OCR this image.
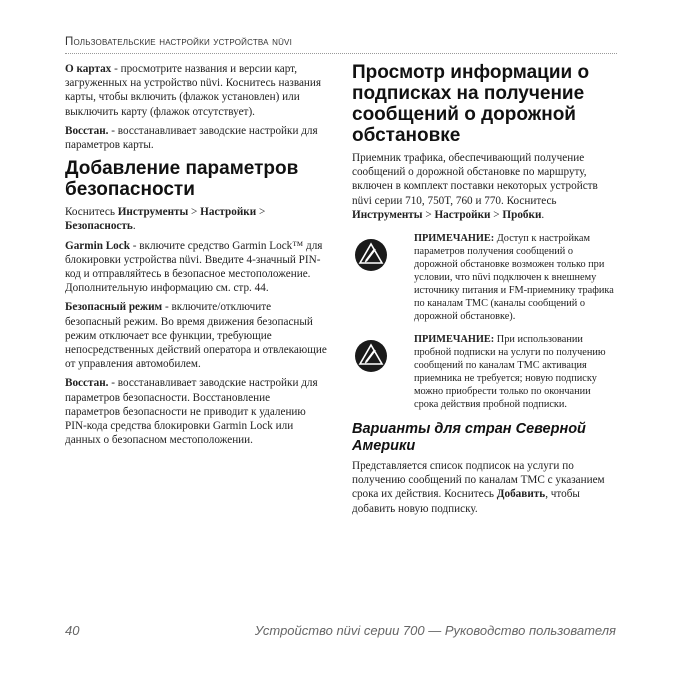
Пользовательские настройки устройства nüvi

О картах - просмотрите названия и версии карт, загруженных на устройство nüvi. Коснитесь названия карты, чтобы включить (флажок установлен) или выключить карту (флажок отсутствует).

Восстан. - восстанавливает заводские настройки для параметров карты.

Добавление параметров безопасности

Коснитесь Инструменты > Настройки > Безопасность.

Garmin Lock - включите средство Garmin Lock™ для блокировки устройства nüvi. Введите 4-значный PIN-код и отправляйтесь в безопасное местоположение. Дополнительную информацию см. стр. 44.

Безопасный режим - включите/отключите безопасный режим. Во время движения безопасный режим отключает все функции, требующие непосредственных действий оператора и отвлекающие от управления автомобилем.

Восстан. - восстанавливает заводские настройки для параметров безопасности. Восстановление параметров безопасности не приводит к удалению PIN-кода средства блокировки Garmin Lock или данных о безопасном местоположении.

Просмотр информации о подписках на получение сообщений о дорожной обстановке

Приемник трафика, обеспечивающий получение сообщений о дорожной обстановке по маршруту, включен в комплект поставки некоторых устройств nüvi серии 710, 750T, 760 и 770. Коснитесь Инструменты > Настройки > Пробки.

ПРИМЕЧАНИЕ: Доступ к настройкам параметров получения сообщений о дорожной обстановке возможен только при условии, что nüvi подключен к внешнему источнику питания и FM-приемнику трафика по каналам TMC (каналы сообщений о дорожной обстановке).
ПРИМЕЧАНИЕ: При использовании пробной подписки на услуги по получению сообщений по каналам TMC активация приемника не требуется; новую подписку можно приобрести только по окончании срока действия пробной подписки.
Варианты для стран Северной Америки

Представляется список подписок на услуги по получению сообщений по каналам TMC с указанием срока их действия. Коснитесь Добавить, чтобы добавить новую подписку.

40	Устройство nüvi серии 700 — Руководство пользователя
